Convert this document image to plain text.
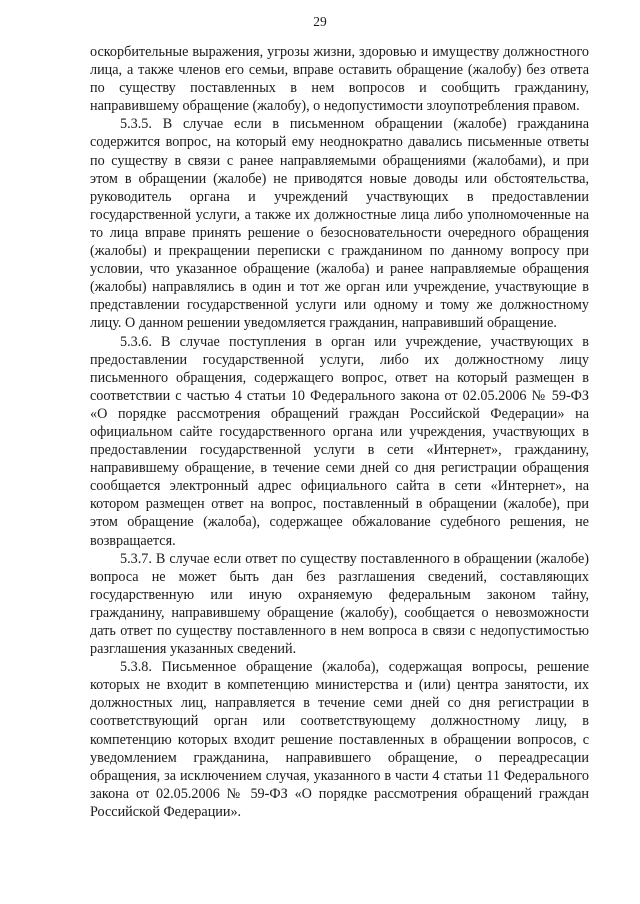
29

оскорбительные выражения, угрозы жизни, здоровью и имуществу должностного лица, а также членов его семьи, вправе оставить обращение (жалобу) без ответа по существу поставленных в нем вопросов и сообщить гражданину, направившему обращение (жалобу), о недопустимости злоупотребления правом.

5.3.5. В случае если в письменном обращении (жалобе) гражданина содержится вопрос, на который ему неоднократно давались письменные ответы по существу в связи с ранее направляемыми обращениями (жалобами), и при этом в обращении (жалобе) не приводятся новые доводы или обстоятельства, руководитель органа и учреждений участвующих в предоставлении государственной услуги, а также их должностные лица либо уполномоченные на то лица вправе принять решение о безосновательности очередного обращения (жалобы) и прекращении переписки с гражданином по данному вопросу при условии, что указанное обращение (жалоба) и ранее направляемые обращения (жалобы) направлялись в один и тот же орган или учреждение, участвующие в представлении государственной услуги или одному и тому же должностному лицу. О данном решении уведомляется гражданин, направивший обращение.

5.3.6. В случае поступления в орган или учреждение, участвующих в предоставлении государственной услуги, либо их должностному лицу письменного обращения, содержащего вопрос, ответ на который размещен в соответствии с частью 4 статьи 10 Федерального закона от 02.05.2006 № 59-ФЗ «О порядке рассмотрения обращений граждан Российской Федерации» на официальном сайте государственного органа или учреждения, участвующих в предоставлении государственной услуги в сети «Интернет», гражданину, направившему обращение, в течение семи дней со дня регистрации обращения сообщается электронный адрес официального сайта в сети «Интернет», на котором размещен ответ на вопрос, поставленный в обращении (жалобе), при этом обращение (жалоба), содержащее обжалование судебного решения, не возвращается.

5.3.7. В случае если ответ по существу поставленного в обращении (жалобе) вопроса не может быть дан без разглашения сведений, составляющих государственную или иную охраняемую федеральным законом тайну, гражданину, направившему обращение (жалобу), сообщается о невозможности дать ответ по существу поставленного в нем вопроса в связи с недопустимостью разглашения указанных сведений.

5.3.8. Письменное обращение (жалоба), содержащая вопросы, решение которых не входит в компетенцию министерства и (или) центра занятости, их должностных лиц, направляется в течение семи дней со дня регистрации в соответствующий орган или соответствующему должностному лицу, в компетенцию которых входит решение поставленных в обращении вопросов, с уведомлением гражданина, направившего обращение, о переадресации обращения, за исключением случая, указанного в части 4 статьи 11 Федерального закона от 02.05.2006 № 59-ФЗ «О порядке рассмотрения обращений граждан Российской Федерации».
